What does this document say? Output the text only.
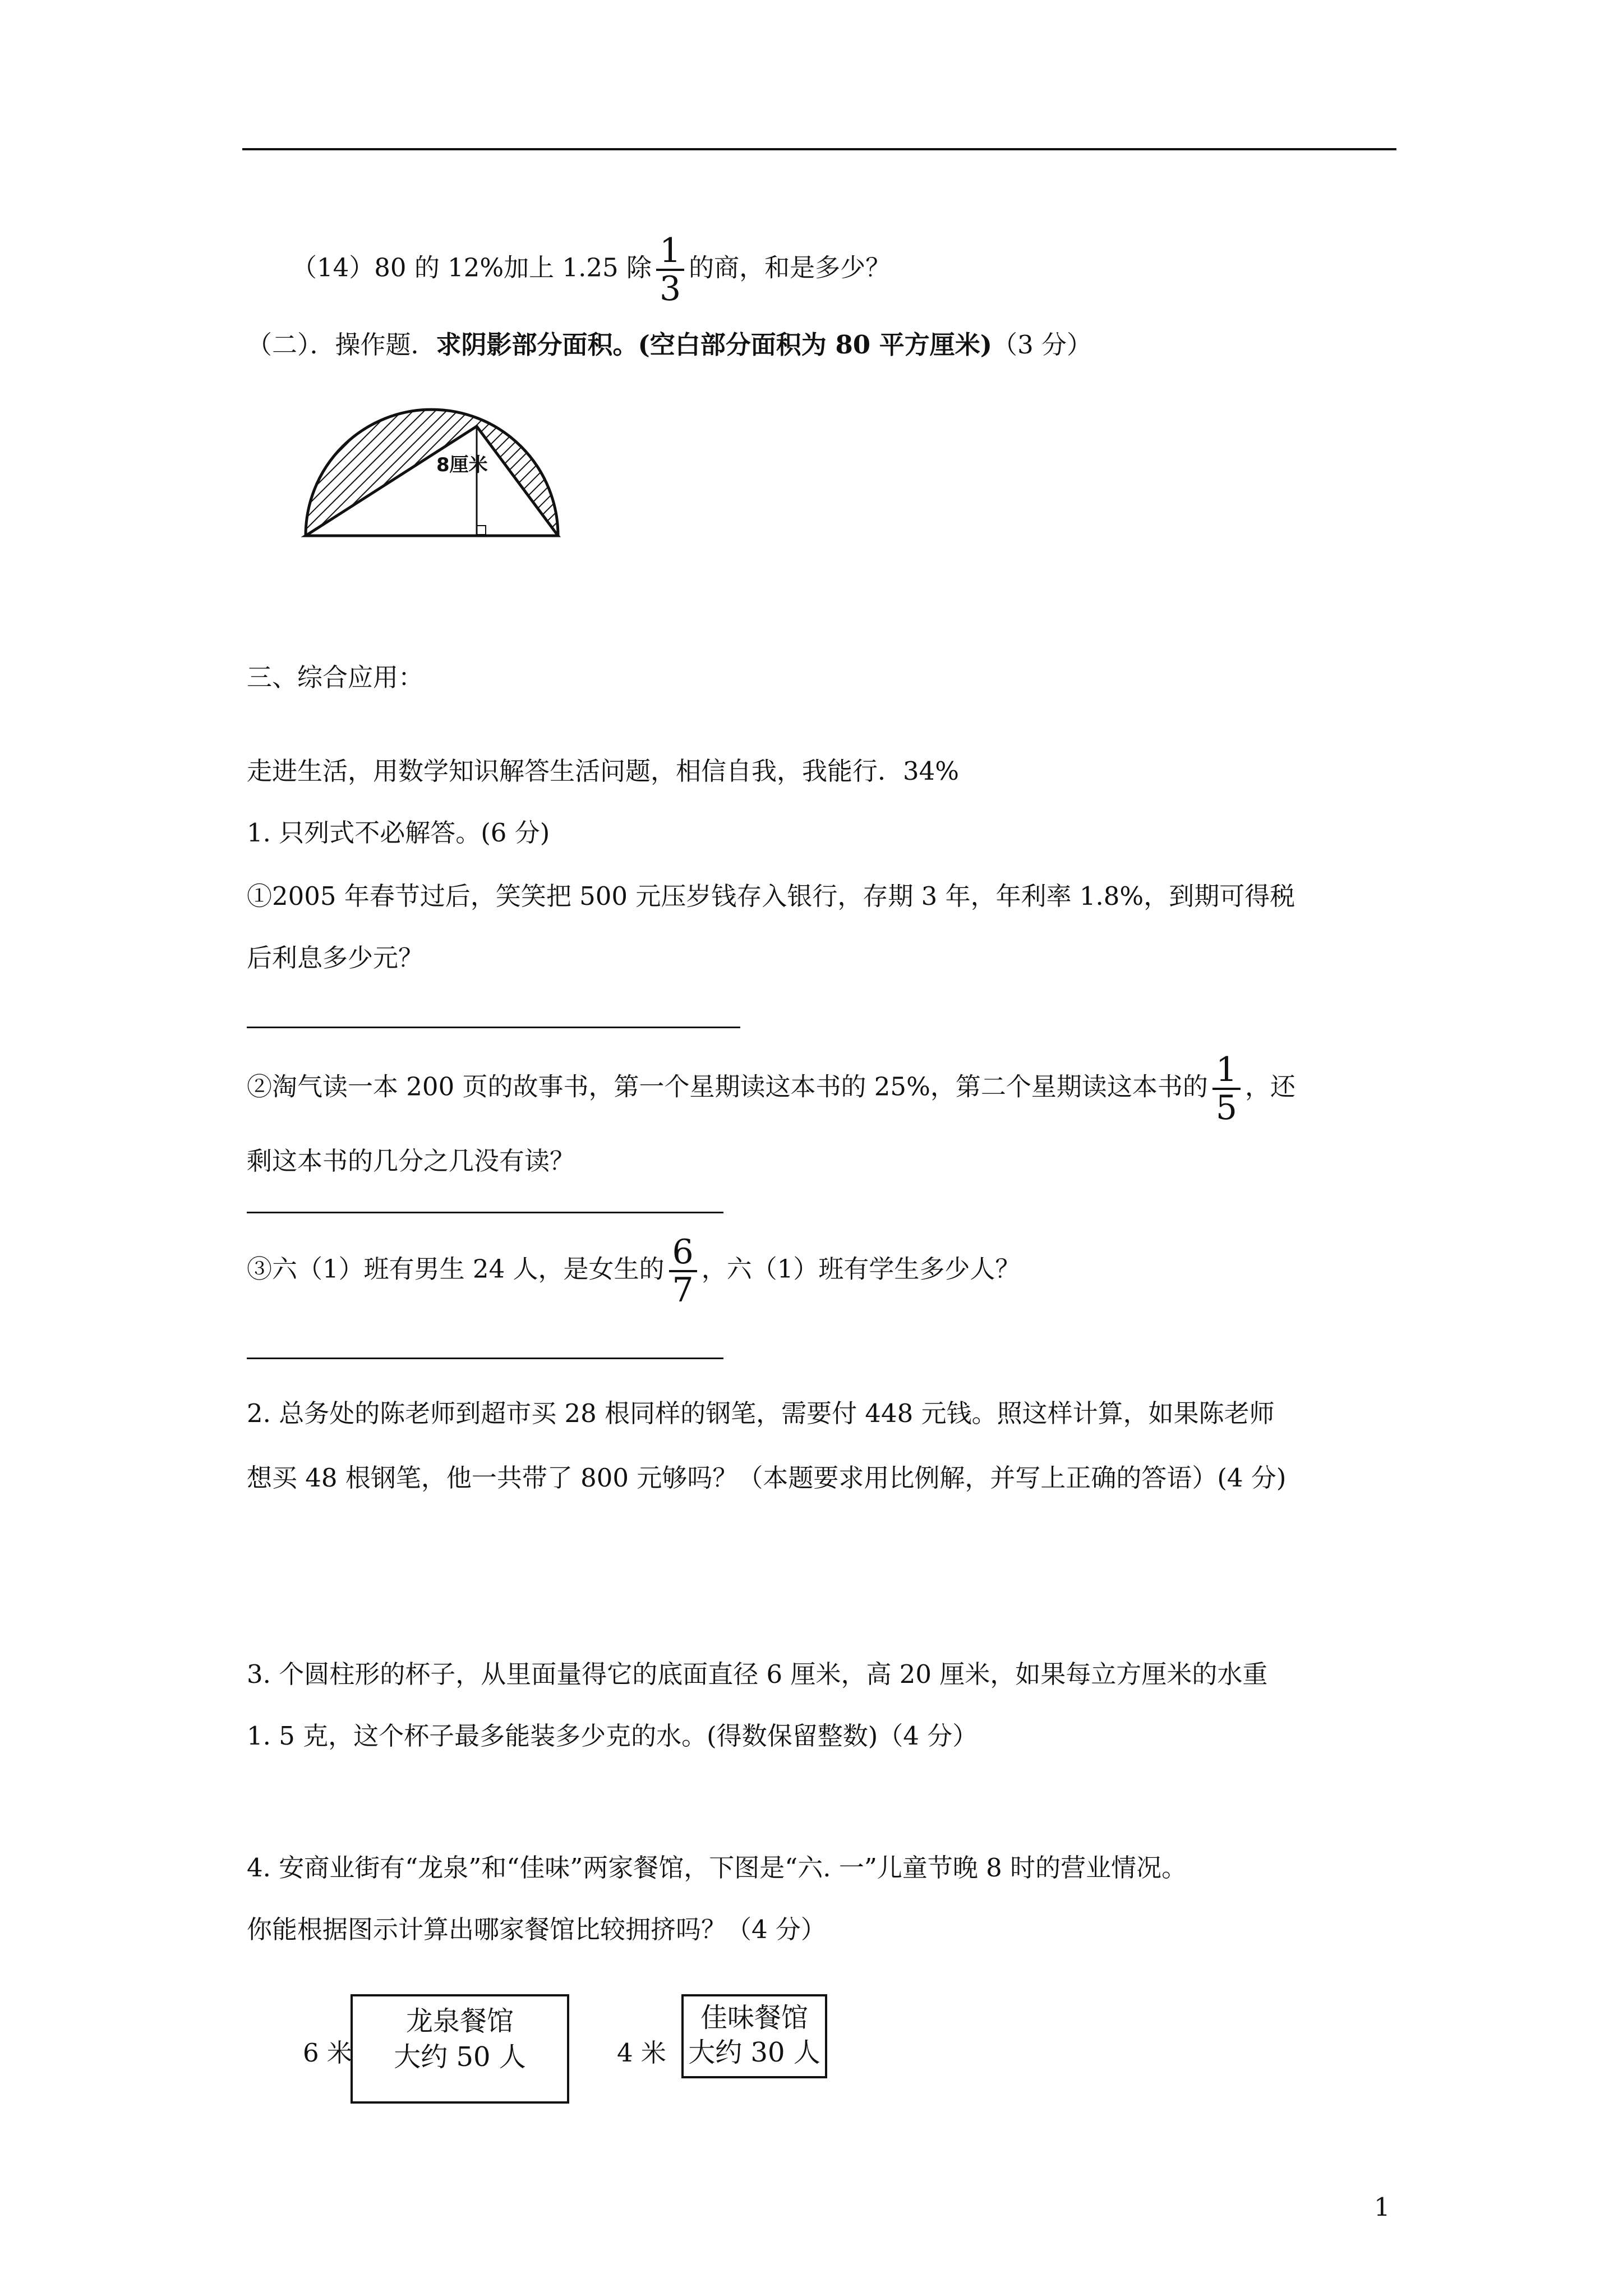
（14）80 的 12%加上 1.25 除 $\frac{1}{3}$ 的商，和是多少？
（二）．操作题．求阴影部分面积。(空白部分面积为 80 平方厘米)（3 分）
8厘米
三、综合应用：
走进生活，用数学知识解答生活问题，相信自我，我能行．34%
1. 只列式不必解答。(6 分)
①2005 年春节过后，笑笑把 500 元压岁钱存入银行，存期 3 年，年利率 1.8%，到期可得税
后利息多少元？
②淘气读一本 200 页的故事书，第一个星期读这本书的 25%，第二个星期读这本书的 $\frac{1}{5}$ ，还
剩这本书的几分之几没有读？
③六（1）班有男生 24 人，是女生的 $\frac{6}{7}$ ，六（1）班有学生多少人？
2. 总务处的陈老师到超市买 28 根同样的钢笔，需要付 448 元钱。照这样计算，如果陈老师
想买 48 根钢笔，他一共带了 800 元够吗？（本题要求用比例解，并写上正确的答语）(4 分)
3. 个圆柱形的杯子，从里面量得它的底面直径 6 厘米，高 20 厘米，如果每立方厘米的水重
1. 5 克，这个杯子最多能装多少克的水。(得数保留整数)（4 分）
4. 安商业街有“龙泉”和“佳味”两家餐馆，下图是“六. 一”儿童节晚 8 时的营业情况。
你能根据图示计算出哪家餐馆比较拥挤吗？（4 分）
6 米
龙泉餐馆
大约 50 人	4 米
佳味餐馆
大约 30 人
1
